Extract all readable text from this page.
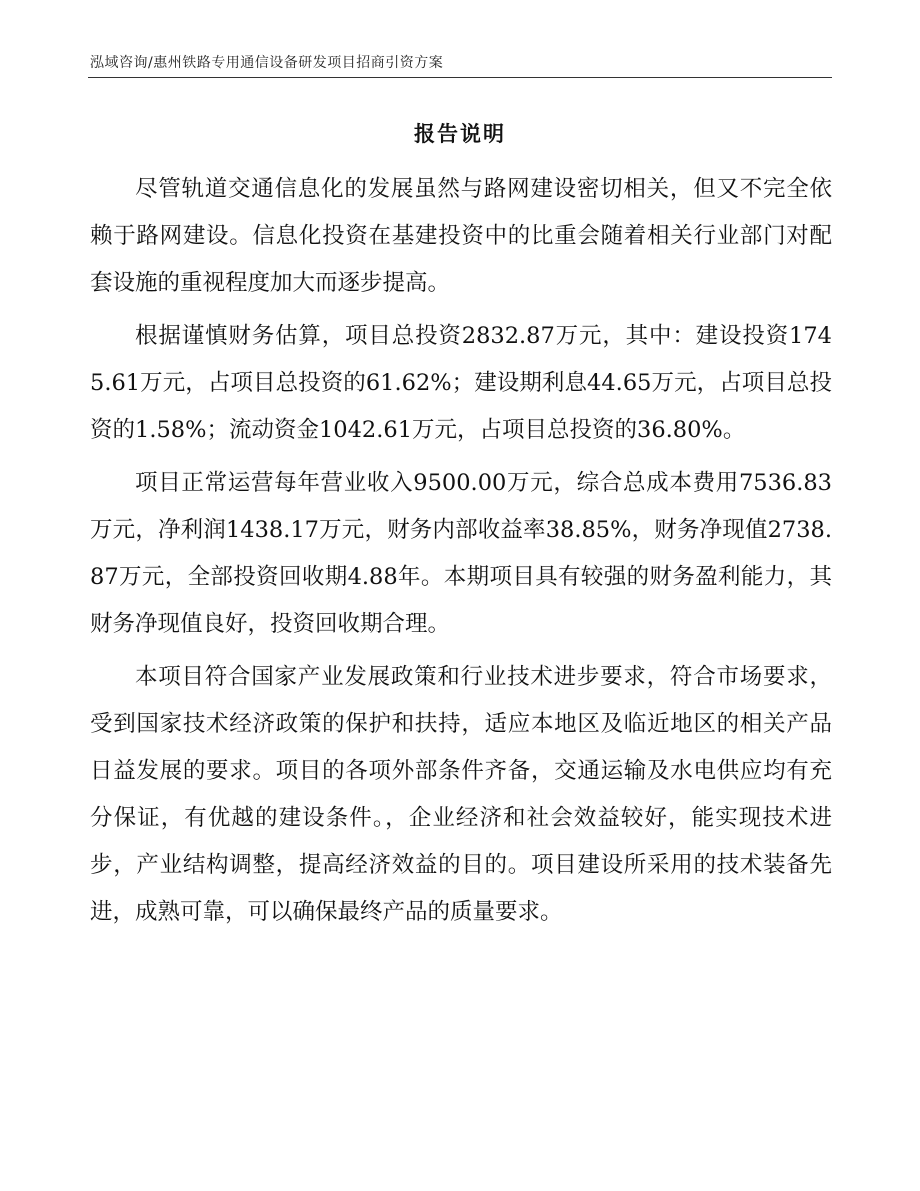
泓域咨询/惠州铁路专用通信设备研发项目招商引资方案
报告说明

尽管轨道交通信息化的发展虽然与路网建设密切相关，但又不完全依赖于路网建设。信息化投资在基建投资中的比重会随着相关行业部门对配套设施的重视程度加大而逐步提高。

根据谨慎财务估算，项目总投资2832.87万元，其中：建设投资1745.61万元，占项目总投资的61.62%；建设期利息44.65万元，占项目总投资的1.58%；流动资金1042.61万元，占项目总投资的36.80%。

项目正常运营每年营业收入9500.00万元，综合总成本费用7536.83万元，净利润1438.17万元，财务内部收益率38.85%，财务净现值2738.87万元，全部投资回收期4.88年。本期项目具有较强的财务盈利能力，其财务净现值良好，投资回收期合理。

本项目符合国家产业发展政策和行业技术进步要求，符合市场要求，受到国家技术经济政策的保护和扶持，适应本地区及临近地区的相关产品日益发展的要求。项目的各项外部条件齐备，交通运输及水电供应均有充分保证，有优越的建设条件。，企业经济和社会效益较好，能实现技术进步，产业结构调整，提高经济效益的目的。项目建设所采用的技术装备先进，成熟可靠，可以确保最终产品的质量要求。
